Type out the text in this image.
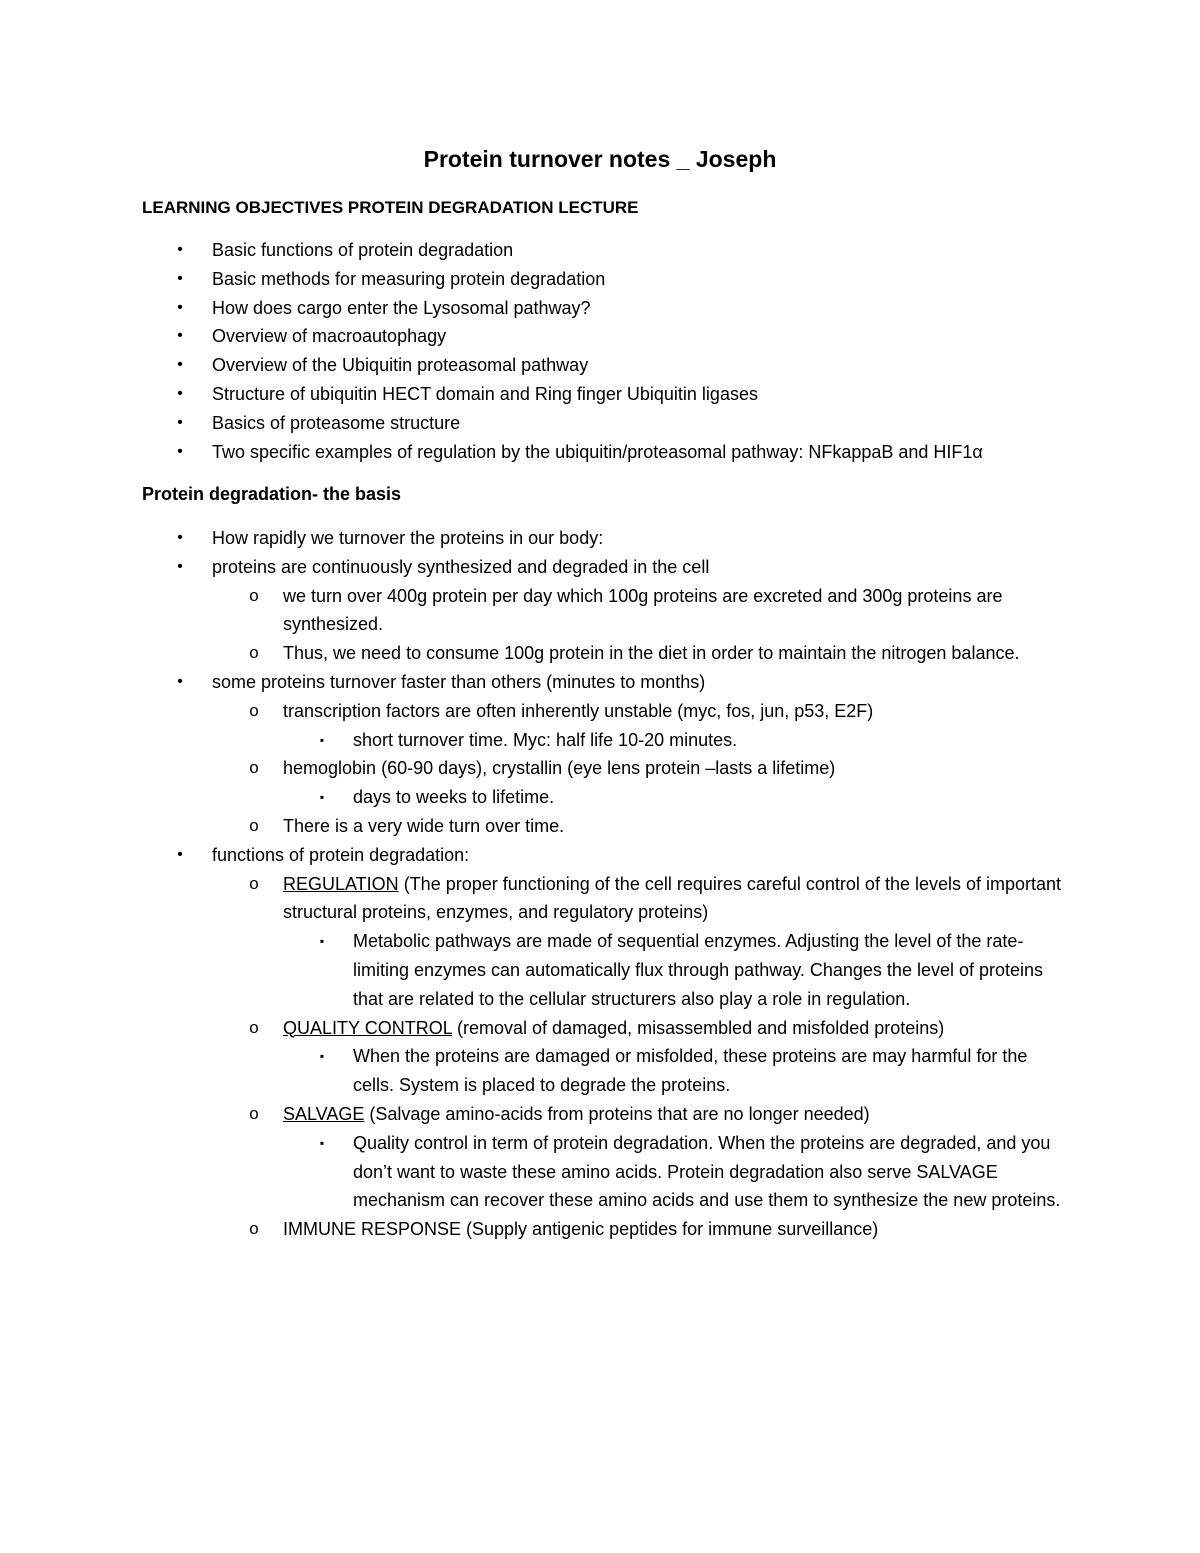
Protein turnover notes _ Joseph
LEARNING OBJECTIVES PROTEIN DEGRADATION LECTURE
•	Basic functions of protein degradation
•	Basic methods for measuring protein degradation
•	How does cargo enter the Lysosomal pathway?
•	Overview of macroautophagy
•	Overview of the Ubiquitin proteasomal pathway
•	Structure of ubiquitin HECT domain and Ring finger Ubiquitin ligases
•	Basics of proteasome structure
•	Two specific examples of regulation by the ubiquitin/proteasomal pathway: NFkappaB and HIF1α
Protein degradation- the basis
•	How rapidly we turnover the proteins in our body:
•	proteins are continuously synthesized and degraded in the cell
o we turn over 400g protein per day which 100g proteins are excreted and 300g proteins are synthesized.
o Thus, we need to consume 100g protein in the diet in order to maintain the nitrogen balance.
•	some proteins turnover faster than others (minutes to months)
o transcription factors are often inherently unstable (myc, fos, jun, p53, E2F)
▪	short turnover time. Myc: half life 10-20 minutes.
o hemoglobin (60-90 days), crystallin (eye lens protein –lasts a lifetime)
▪	days to weeks to lifetime.
o There is a very wide turn over time.
•	functions of protein degradation:
o REGULATION (The proper functioning of the cell requires careful control of the levels of important structural proteins, enzymes, and regulatory proteins)
▪	Metabolic pathways are made of sequential enzymes. Adjusting the level of the rate-limiting enzymes can automatically flux through pathway. Changes the level of proteins that are related to the cellular structurers also play a role in regulation.
o QUALITY CONTROL (removal of damaged, misassembled and misfolded proteins)
▪	When the proteins are damaged or misfolded, these proteins are may harmful for the cells. System is placed to degrade the proteins.
o SALVAGE (Salvage amino-acids from proteins that are no longer needed)
▪	Quality control in term of protein degradation. When the proteins are degraded, and you don’t want to waste these amino acids. Protein degradation also serve SALVAGE mechanism can recover these amino acids and use them to synthesize the new proteins.
o IMMUNE RESPONSE (Supply antigenic peptides for immune surveillance)
